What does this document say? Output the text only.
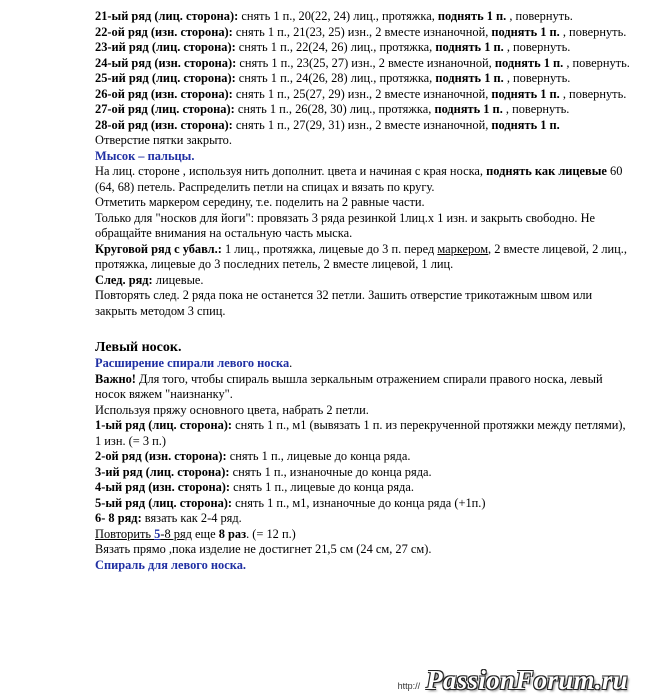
21-ый ряд (лиц. сторона): снять 1 п., 20(22, 24) лиц., протяжка, поднять 1 п. , повернуть.

22-ой ряд (изн. сторона): снять 1 п., 21(23, 25) изн., 2 вместе изнаночной, поднять 1 п. , повернуть.

23-ий ряд (лиц. сторона): снять 1 п., 22(24, 26) лиц., протяжка, поднять 1 п. , повернуть.

24-ый ряд (изн. сторона): снять 1 п., 23(25, 27) изн., 2 вместе изнаночной, поднять 1 п. , повернуть.

25-ий ряд (лиц. сторона): снять 1 п., 24(26, 28) лиц., протяжка, поднять 1 п. , повернуть.

26-ой ряд (изн. сторона): снять 1 п., 25(27, 29) изн., 2 вместе изнаночной, поднять 1 п. , повернуть.

27-ой ряд (лиц. сторона): снять 1 п., 26(28, 30) лиц., протяжка, поднять 1 п. , повернуть.

28-ой ряд (изн. сторона): снять 1 п., 27(29, 31) изн., 2 вместе изнаночной, поднять 1 п.

Отверстие пятки закрыто.

Мысок – пальцы.

На лиц. стороне , используя нить дополнит. цвета и начиная с края носка, поднять как лицевые 60 (64, 68) петель. Распределить петли на спицах и вязать по кругу.

Отметить маркером середину, т.е. поделить на 2 равные части.

Только для "носков для йоги": провязать 3 ряда резинкой 1лиц.х 1 изн. и закрыть свободно. Не обращайте внимания на остальную часть мыска.

Круговой ряд с убавл.: 1 лиц., протяжка, лицевые до 3 п. перед маркером, 2 вместе лицевой, 2 лиц., протяжка, лицевые до 3 последних петель, 2 вместе лицевой, 1 лиц.

След. ряд: лицевые.

Повторять след. 2 ряда пока не останется 32 петли. Зашить отверстие трикотажным швом или закрыть методом 3 спиц.

Левый носок.

Расширение спирали левого носка.

Важно! Для того, чтобы спираль вышла зеркальным отражением спирали правого носка, левый носок вяжем "наизнанку".

Используя пряжу основного цвета, набрать 2 петли.

1-ый ряд (лиц. сторона): снять 1 п., м1 (вывязать 1 п. из перекрученной протяжки между петлями), 1 изн. (= 3 п.)

2-ой ряд (изн. сторона): снять 1 п., лицевые до конца ряда.

3-ий ряд (лиц. сторона): снять 1 п., изнаночные до конца ряда.

4-ый ряд (изн. сторона): снять 1 п., лицевые до конца ряда.

5-ый ряд (лиц. сторона): снять 1 п., м1, изнаночные до конца ряда (+1п.)

6- 8 ряд: вязать как 2-4 ряд.

Повторить 5-8 ряд еще 8 раз. (= 12 п.)

Вязать прямо ,пока изделие не достигнет 21,5 см (24 см, 27 см).

Спираль для левого носка.

http:// PassionForum.ru
